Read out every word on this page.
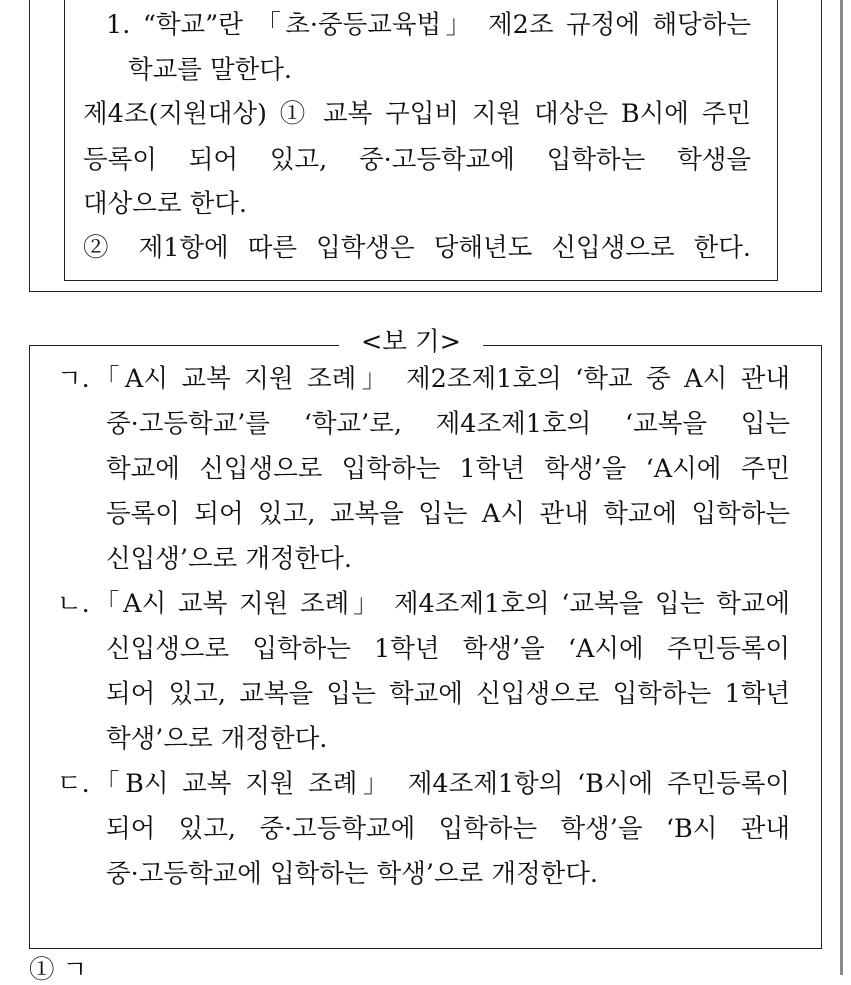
1. “학교”란 「초·중등교육법」 제2조 규정에 해당하는
학교를 말한다.
제4조(지원대상) ① 교복 구입비 지원 대상은 B시에 주민
등록이 되어 있고, 중·고등학교에 입학하는 학생을
대상으로 한다.
② 제1항에 따른 입학생은 당해년도 신입생으로 한다.
<보 기>
ㄱ. 「A시 교복 지원 조례」 제2조제1호의 ‘학교 중 A시 관내
중·고등학교’를 ‘학교’로, 제4조제1호의 ‘교복을 입는
학교에 신입생으로 입학하는 1학년 학생’을 ‘A시에 주민
등록이 되어 있고, 교복을 입는 A시 관내 학교에 입학하는
신입생’으로 개정한다.
ㄴ. 「A시 교복 지원 조례」 제4조제1호의 ‘교복을 입는 학교에
신입생으로 입학하는 1학년 학생’을 ‘A시에 주민등록이
되어 있고, 교복을 입는 학교에 신입생으로 입학하는 1학년
학생’으로 개정한다.
ㄷ. 「B시 교복 지원 조례」 제4조제1항의 ‘B시에 주민등록이
되어 있고, 중·고등학교에 입학하는 학생’을 ‘B시 관내
중·고등학교에 입학하는 학생’으로 개정한다.
① ㄱ
